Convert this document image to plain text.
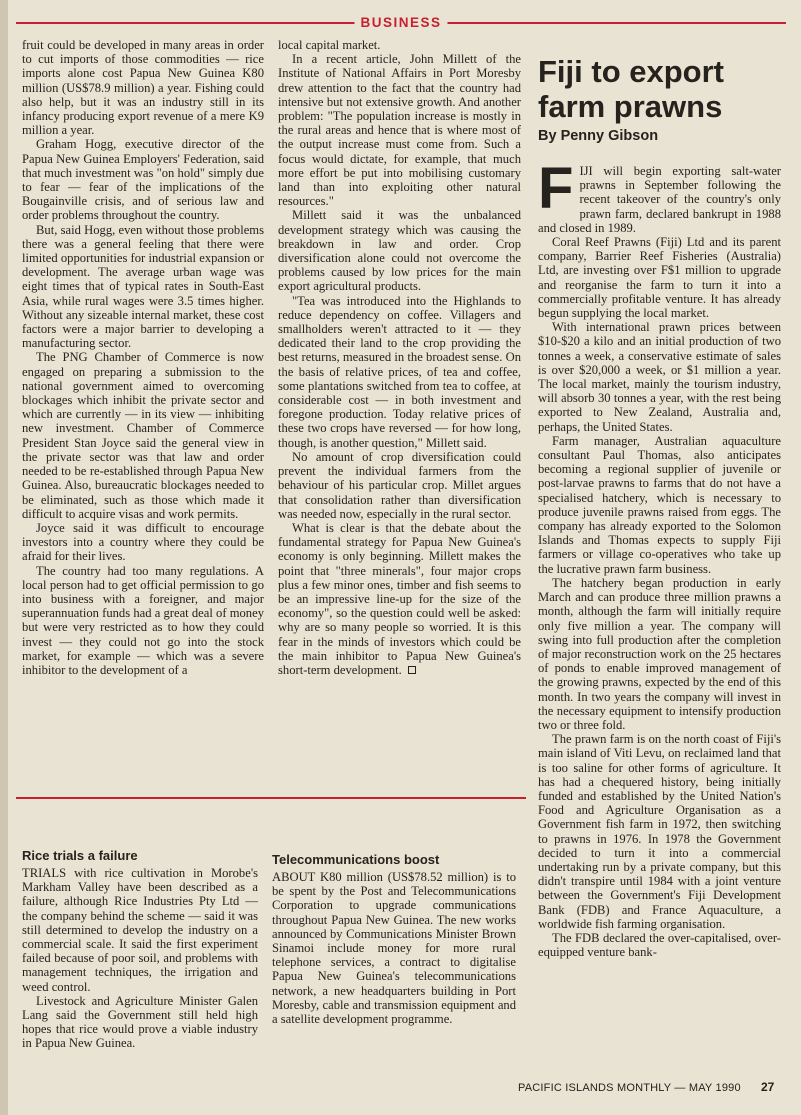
BUSINESS

fruit could be developed in many areas in order to cut imports of those commodities — rice imports alone cost Papua New Guinea K80 million (US$78.9 million) a year. Fishing could also help, but it was an industry still in its infancy producing export revenue of a mere K9 million a year.

Graham Hogg, executive director of the Papua New Guinea Employers' Federation, said that much investment was "on hold" simply due to fear — fear of the implications of the Bougainville crisis, and of serious law and order problems throughout the country.

But, said Hogg, even without those problems there was a general feeling that there were limited opportunities for industrial expansion or development. The average urban wage was eight times that of typical rates in South-East Asia, while rural wages were 3.5 times higher. Without any sizeable internal market, these cost factors were a major barrier to developing a manufacturing sector.

The PNG Chamber of Commerce is now engaged on preparing a submission to the national government aimed to overcoming blockages which inhibit the private sector and which are currently — in its view — inhibiting new investment. Chamber of Commerce President Stan Joyce said the general view in the private sector was that law and order needed to be re-established through Papua New Guinea. Also, bureaucratic blockages needed to be eliminated, such as those which made it difficult to acquire visas and work permits.

Joyce said it was difficult to encourage investors into a country where they could be afraid for their lives.

The country had too many regulations. A local person had to get official permission to go into business with a foreigner, and major superannuation funds had a great deal of money but were very restricted as to how they could invest — they could not go into the stock market, for example — which was a severe inhibitor to the development of a

local capital market.

In a recent article, John Millett of the Institute of National Affairs in Port Moresby drew attention to the fact that the country had intensive but not extensive growth. And another problem: "The population increase is mostly in the rural areas and hence that is where most of the output increase must come from. Such a focus would dictate, for example, that much more effort be put into mobilising customary land than into exploiting other natural resources."

Millett said it was the unbalanced development strategy which was causing the breakdown in law and order. Crop diversification alone could not overcome the problems caused by low prices for the main export agricultural products.

"Tea was introduced into the Highlands to reduce dependency on coffee. Villagers and smallholders weren't attracted to it — they dedicated their land to the crop providing the best returns, measured in the broadest sense. On the basis of relative prices, of tea and coffee, some plantations switched from tea to coffee, at considerable cost — in both investment and foregone production. Today relative prices of these two crops have reversed — for how long, though, is another question," Millett said.

No amount of crop diversification could prevent the individual farmers from the behaviour of his particular crop. Millet argues that consolidation rather than diversification was needed now, especially in the rural sector.

What is clear is that the debate about the fundamental strategy for Papua New Guinea's economy is only beginning. Millett makes the point that "three minerals", four major crops plus a few minor ones, timber and fish seems to be an impressive line-up for the size of the economy", so the question could well be asked: why are so many people so worried. It is this fear in the minds of investors which could be the main inhibitor to Papua New Guinea's short-term development.

Fiji to export farm prawns
By Penny Gibson

FIJI will begin exporting salt-water prawns in September following the recent takeover of the country's only prawn farm, declared bankrupt in 1988 and closed in 1989.

Coral Reef Prawns (Fiji) Ltd and its parent company, Barrier Reef Fisheries (Australia) Ltd, are investing over F$1 million to upgrade and reorganise the farm to turn it into a commercially profitable venture. It has already begun supplying the local market.

With international prawn prices between $10-$20 a kilo and an initial production of two tonnes a week, a conservative estimate of sales is over $20,000 a week, or $1 million a year. The local market, mainly the tourism industry, will absorb 30 tonnes a year, with the rest being exported to New Zealand, Australia and, perhaps, the United States.

Farm manager, Australian aquaculture consultant Paul Thomas, also anticipates becoming a regional supplier of juvenile or post-larvae prawns to farms that do not have a specialised hatchery, which is necessary to produce juvenile prawns raised from eggs. The company has already exported to the Solomon Islands and Thomas expects to supply Fiji farmers or village co-operatives who take up the lucrative prawn farm business.

The hatchery began production in early March and can produce three million prawns a month, although the farm will initially require only five million a year. The company will swing into full production after the completion of major reconstruction work on the 25 hectares of ponds to enable improved management of the growing prawns, expected by the end of this month. In two years the company will invest in the necessary equipment to intensify production two or three fold.

The prawn farm is on the north coast of Fiji's main island of Viti Levu, on reclaimed land that is too saline for other forms of agriculture. It has had a chequered history, being initially funded and established by the United Nation's Food and Agriculture Organisation as a Government fish farm in 1972, then switching to prawns in 1976. In 1978 the Government decided to turn it into a commercial undertaking run by a private company, but this didn't transpire until 1984 with a joint venture between the Government's Fiji Development Bank (FDB) and France Aquaculture, a worldwide fish farming organisation.

The FDB declared the over-capitalised, over-equipped venture bank-

Rice trials a failure

TRIALS with rice cultivation in Morobe's Markham Valley have been described as a failure, although Rice Industries Pty Ltd — the company behind the scheme — said it was still determined to develop the industry on a commercial scale. It said the first experiment failed because of poor soil, and problems with management techniques, the irrigation and weed control.

Livestock and Agriculture Minister Galen Lang said the Government still held high hopes that rice would prove a viable industry in Papua New Guinea.

Telecommunications boost

ABOUT K80 million (US$78.52 million) is to be spent by the Post and Telecommunications Corporation to upgrade communications throughout Papua New Guinea. The new works announced by Communications Minister Brown Sinamoi include money for more rural telephone services, a contract to digitalise Papua New Guinea's telecommunications network, a new headquarters building in Port Moresby, cable and transmission equipment and a satellite development programme.

PACIFIC ISLANDS MONTHLY — MAY 1990 27
